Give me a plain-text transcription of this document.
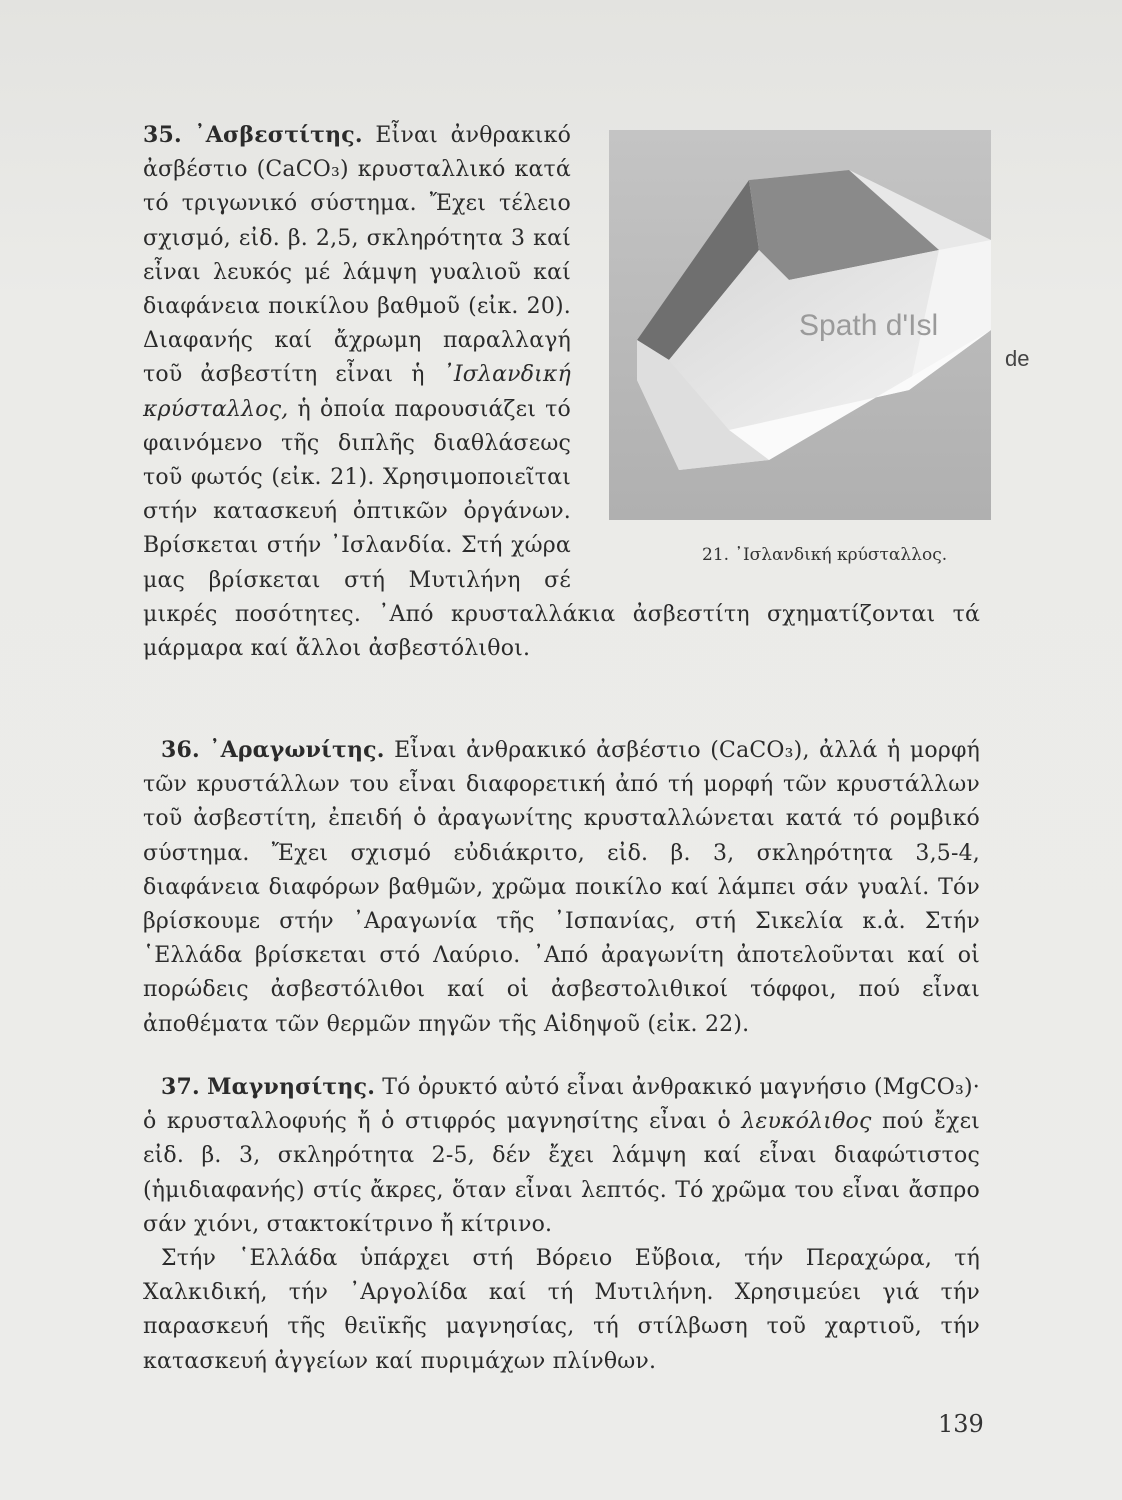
Spath d'Isl
de
21. ᾿Ισλανδική κρύσταλλος.
35. ᾿Ασβεστίτης. Εἶναι ἀνθρακικό ἀσβέστιο (CaCO₃) κρυσταλλικό κατά τό τριγωνικό σύστημα. Ἔχει τέλειο σχισμό, εἰδ. β. 2,5, σκληρότητα 3 καί εἶναι λευκός μέ λάμψη γυαλιοῦ καί διαφάνεια ποικίλου βαθμοῦ (εἰκ. 20). Διαφανής καί ἄχρωμη παραλλαγή τοῦ ἀσβεστίτη εἶναι ἡ ᾿Ισλανδική κρύσταλλος, ἡ ὁποία παρουσιάζει τό φαινόμενο τῆς διπλῆς διαθλάσεως τοῦ φωτός (εἰκ. 21). Χρησιμοποιεῖται στήν κατασκευή ὀπτικῶν ὀργάνων. Βρίσκεται στήν ᾿Ισλανδία. Στή χώρα μας βρίσκεται στή Μυτιλήνη σέ μικρές ποσότητες. ᾿Από κρυσταλλάκια ἀσβεστίτη σχηματίζονται τά μάρμαρα καί ἄλλοι ἀσβεστόλιθοι.
36. ᾿Αραγωνίτης. Εἶναι ἀνθρακικό ἀσβέστιο (CaCO₃), ἀλλά ἡ μορφή τῶν κρυστάλλων του εἶναι διαφορετική ἀπό τή μορφή τῶν κρυστάλλων τοῦ ἀσβεστίτη, ἐπειδή ὁ ἀραγωνίτης κρυσταλλώνεται κατά τό ρομβικό σύστημα. Ἔχει σχισμό εὐδιάκριτο, εἰδ. β. 3, σκληρότητα 3,5-4, διαφάνεια διαφόρων βαθμῶν, χρῶμα ποικίλο καί λάμπει σάν γυαλί. Τόν βρίσκουμε στήν ᾿Αραγωνία τῆς ᾿Ισπανίας, στή Σικελία κ.ἀ. Στήν ῾Ελλάδα βρίσκεται στό Λαύριο. ᾿Από ἀραγωνίτη ἀποτελοῦνται καί οἱ πορώδεις ἀσβεστόλιθοι καί οἱ ἀσβεστολιθικοί τόφφοι, πού εἶναι ἀποθέματα τῶν θερμῶν πηγῶν τῆς Αἰδηψοῦ (εἰκ. 22).
37. Μαγνησίτης. Τό ὀρυκτό αὐτό εἶναι ἀνθρακικό μαγνήσιο (MgCO₃)· ὁ κρυσταλλοφυής ἤ ὁ στιφρός μαγνησίτης εἶναι ὁ λευκόλιθος πού ἔχει εἰδ. β. 3, σκληρότητα 2-5, δέν ἔχει λάμψη καί εἶναι διαφώτιστος (ἡμιδιαφανής) στίς ἄκρες, ὅταν εἶναι λεπτός. Τό χρῶμα του εἶναι ἄσπρο σάν χιόνι, στακτοκίτρινο ἤ κίτρινο.
Στήν ῾Ελλάδα ὑπάρχει στή Βόρειο Εὔβοια, τήν Περαχώρα, τή Χαλκιδική, τήν ᾿Αργολίδα καί τή Μυτιλήνη. Χρησιμεύει γιά τήν παρασκευή τῆς θειϊκῆς μαγνησίας, τή στίλβωση τοῦ χαρτιοῦ, τήν κατασκευή ἀγγείων καί πυριμάχων πλίνθων.
139
